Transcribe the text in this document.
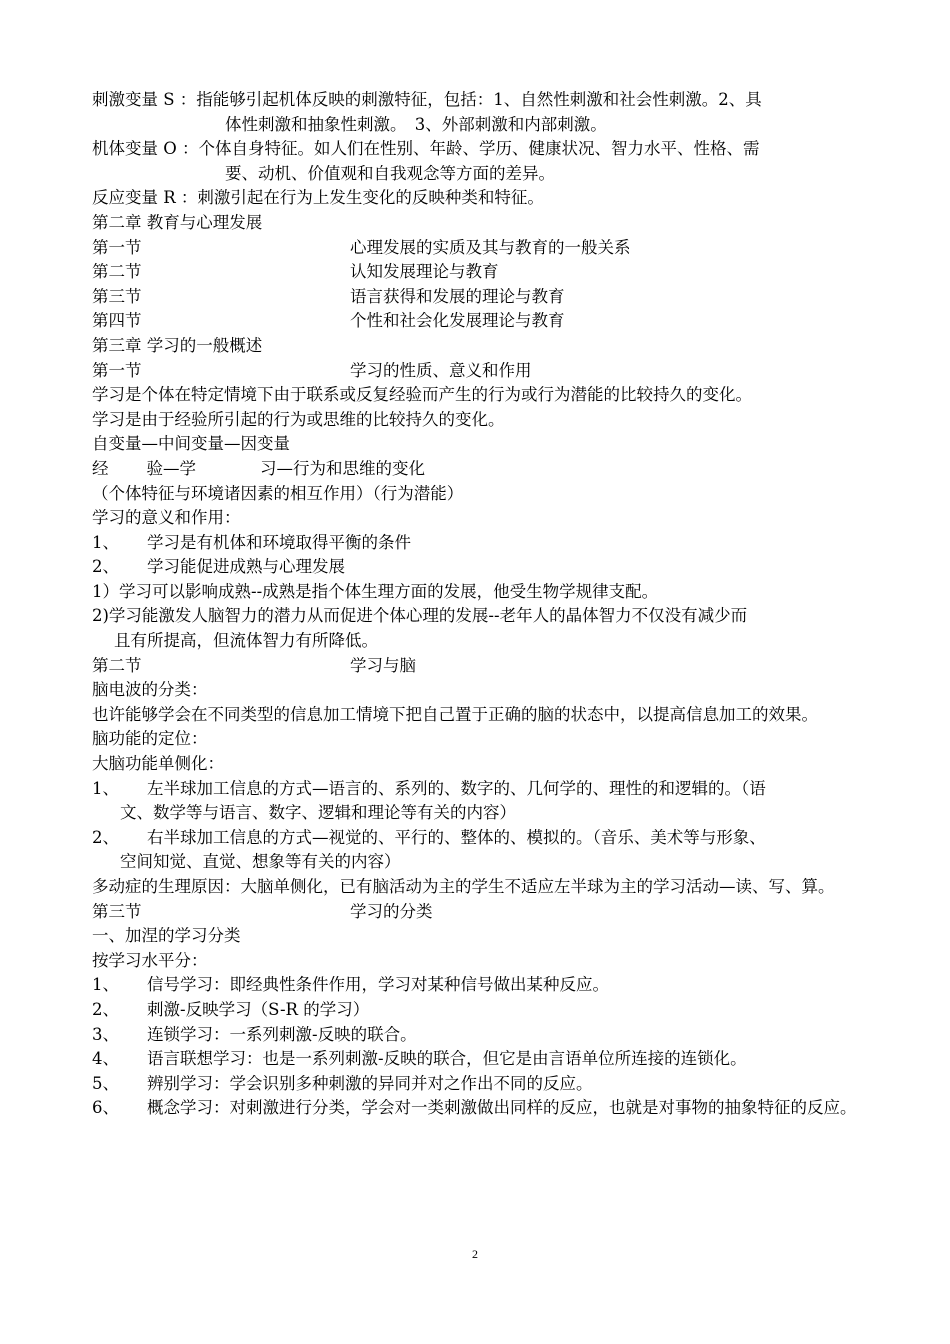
刺激变量 S ：指能够引起机体反映的刺激特征，包括：1、自然性刺激和社会性刺激。2、具
体性刺激和抽象性刺激。　3、外部刺激和内部刺激。
机体变量 O ：个体自身特征。如人们在性别、年龄、学历、健康状况、智力水平、性格、需
要、动机、价值观和自我观念等方面的差异。
反应变量 R ：刺激引起在行为上发生变化的反映种类和特征。
第二章 教育与心理发展
第一节	心理发展的实质及其与教育的一般关系
第二节	认知发展理论与教育
第三节	语言获得和发展的理论与教育
第四节	个性和社会化发展理论与教育
第三章 学习的一般概述
第一节	学习的性质、意义和作用
学习是个体在特定情境下由于联系或反复经验而产生的行为或行为潜能的比较持久的变化。
学习是由于经验所引起的行为或思维的比较持久的变化。
自变量—中间变量—因变量
经 验—学	习—行为和思维的变化
（个体特征与环境诸因素的相互作用）（行为潜能）
学习的意义和作用：
1、	学习是有机体和环境取得平衡的条件
2、	学习能促进成熟与心理发展
1）学习可以影响成熟--成熟是指个体生理方面的发展，他受生物学规律支配。
2)学习能激发人脑智力的潜力从而促进个体心理的发展--老年人的晶体智力不仅没有减少而
且有所提高，但流体智力有所降低。
第二节	学习与脑
脑电波的分类：
也许能够学会在不同类型的信息加工情境下把自己置于正确的脑的状态中，以提高信息加工的效果。
脑功能的定位：
大脑功能单侧化：
1、	左半球加工信息的方式—语言的、系列的、数字的、几何学的、理性的和逻辑的。（语
文、数学等与语言、数字、逻辑和理论等有关的内容）
2、	右半球加工信息的方式—视觉的、平行的、整体的、模拟的。（音乐、美术等与形象、
空间知觉、直觉、想象等有关的内容）
多动症的生理原因：大脑单侧化，已有脑活动为主的学生不适应左半球为主的学习活动—读、写、算。
第三节	学习的分类
一、加涅的学习分类
按学习水平分：
1、	信号学习：即经典性条件作用，学习对某种信号做出某种反应。
2、	刺激-反映学习（S-R 的学习）
3、	连锁学习：一系列刺激-反映的联合。
4、	语言联想学习：也是一系列刺激-反映的联合，但它是由言语单位所连接的连锁化。
5、	辨别学习：学会识别多种刺激的异同并对之作出不同的反应。
6、 概念学习：对刺激进行分类，学会对一类刺激做出同样的反应，也就是对事物的抽象特征的反应。
2
